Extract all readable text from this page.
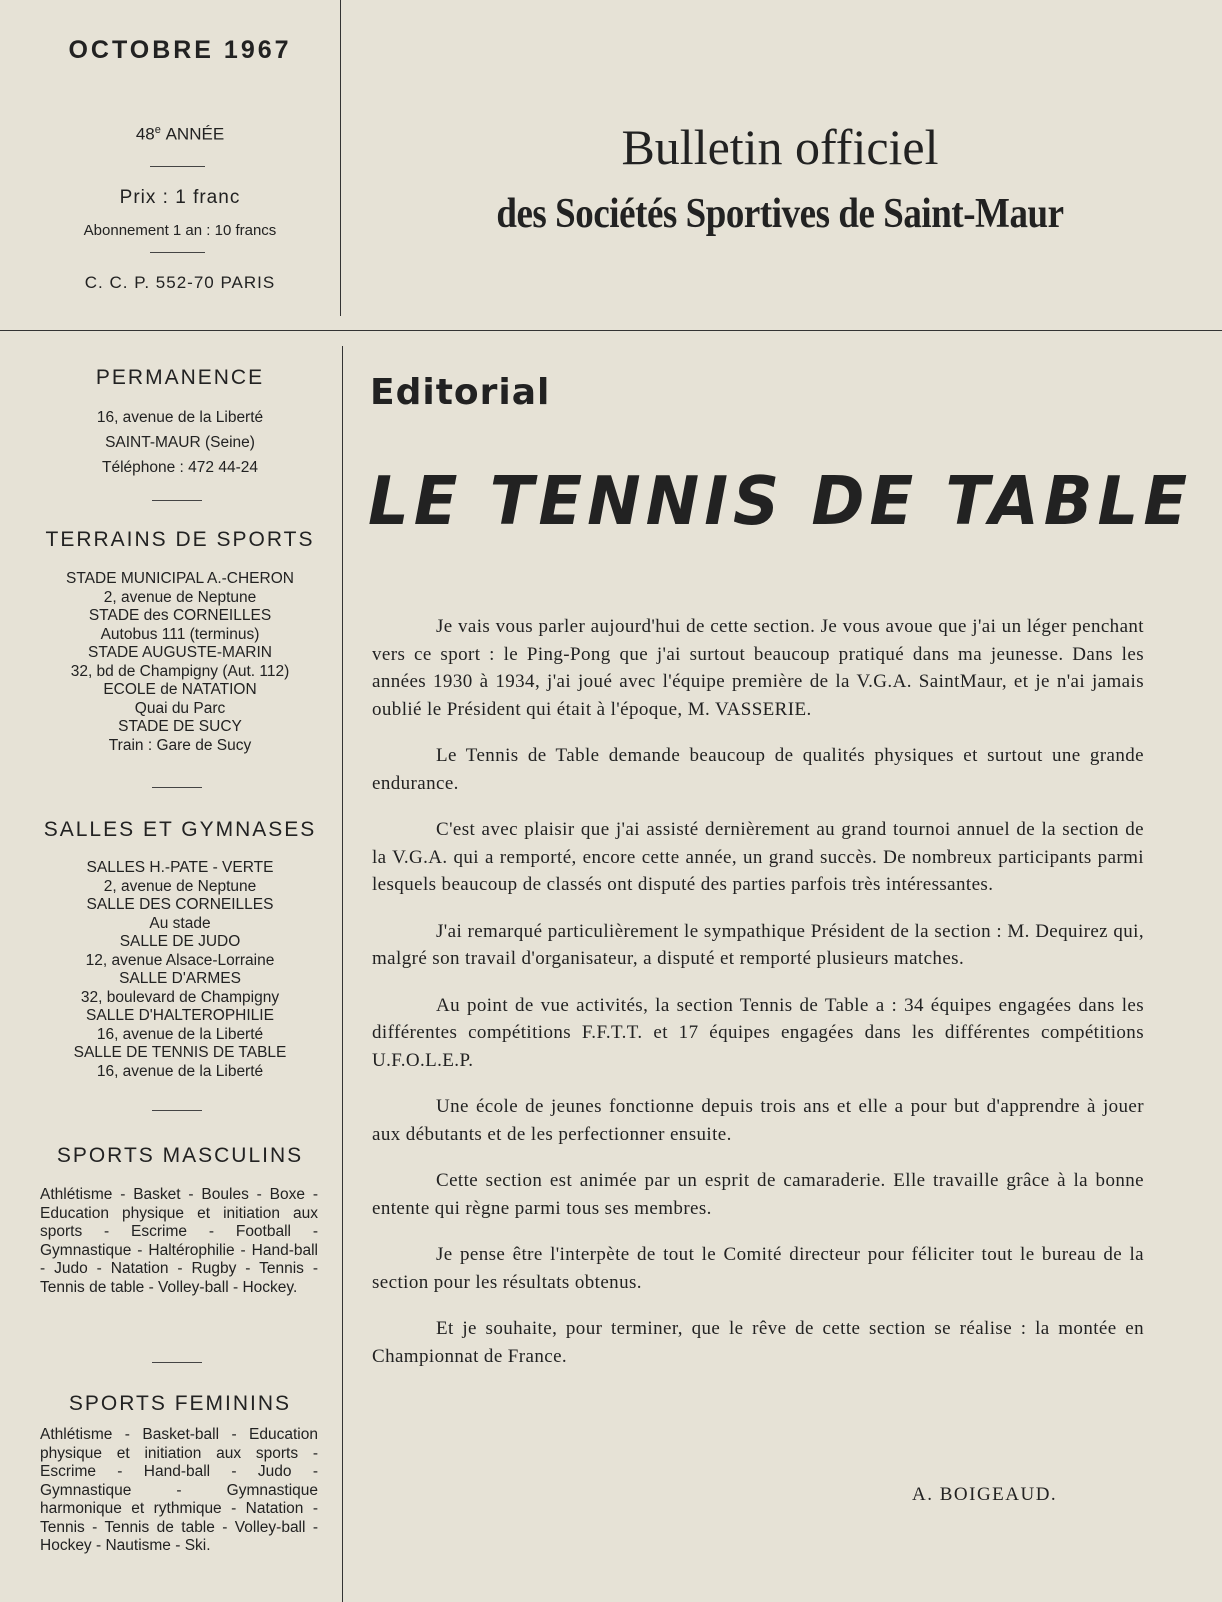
OCTOBRE 1967
48e ANNÉE
Prix : 1 franc
Abonnement 1 an : 10 francs
C. C. P. 552-70 PARIS
Bulletin officiel
des Sociétés Sportives de Saint-Maur
PERMANENCE
16, avenue de la Liberté
SAINT-MAUR (Seine)
Téléphone : 472 44-24
TERRAINS DE SPORTS
STADE MUNICIPAL A.-CHERON
2, avenue de Neptune
STADE des CORNEILLES
Autobus 111 (terminus)
STADE AUGUSTE-MARIN
32, bd de Champigny (Aut. 112)
ECOLE de NATATION
Quai du Parc
STADE DE SUCY
Train : Gare de Sucy
SALLES ET GYMNASES
SALLES H.-PATE - VERTE
2, avenue de Neptune
SALLE DES CORNEILLES
Au stade
SALLE DE JUDO
12, avenue Alsace-Lorraine
SALLE D'ARMES
32, boulevard de Champigny
SALLE D'HALTEROPHILIE
16, avenue de la Liberté
SALLE DE TENNIS DE TABLE
16, avenue de la Liberté
SPORTS MASCULINS
Athlétisme - Basket - Boules - Boxe - Education physique et initiation aux sports - Escrime - Football - Gymnastique - Haltérophilie - Hand-ball - Judo - Natation - Rugby - Tennis - Tennis de table - Volley-ball - Hockey.
SPORTS FEMININS
Athlétisme - Basket-ball - Education physique et initiation aux sports - Escrime - Hand-ball - Judo - Gymnastique - Gymnastique harmonique et rythmique - Natation - Tennis - Tennis de table - Volley-ball - Hockey - Nautisme - Ski.
Editorial
LE TENNIS DE TABLE

Je vais vous parler aujourd'hui de cette section. Je vous avoue que j'ai un léger penchant vers ce sport : le Ping-Pong que j'ai surtout beaucoup pratiqué dans ma jeunesse. Dans les années 1930 à 1934, j'ai joué avec l'équipe première de la V.G.A. SaintMaur, et je n'ai jamais oublié le Président qui était à l'époque, M. VASSERIE.

Le Tennis de Table demande beaucoup de qualités physiques et surtout une grande endurance.

C'est avec plaisir que j'ai assisté dernièrement au grand tournoi annuel de la section de la V.G.A. qui a remporté, encore cette année, un grand succès. De nombreux participants parmi lesquels beaucoup de classés ont disputé des parties parfois très intéressantes.

J'ai remarqué particulièrement le sympathique Président de la section : M. Dequirez qui, malgré son travail d'organisateur, a disputé et remporté plusieurs matches.

Au point de vue activités, la section Tennis de Table a : 34 équipes engagées dans les différentes compétitions F.F.T.T. et 17 équipes engagées dans les différentes compétitions U.F.O.L.E.P.

Une école de jeunes fonctionne depuis trois ans et elle a pour but d'apprendre à jouer aux débutants et de les perfectionner ensuite.

Cette section est animée par un esprit de camaraderie. Elle travaille grâce à la bonne entente qui règne parmi tous ses membres.

Je pense être l'interpète de tout le Comité directeur pour féliciter tout le bureau de la section pour les résultats obtenus.

Et je souhaite, pour terminer, que le rêve de cette section se réalise : la montée en Championnat de France.

A. BOIGEAUD.
